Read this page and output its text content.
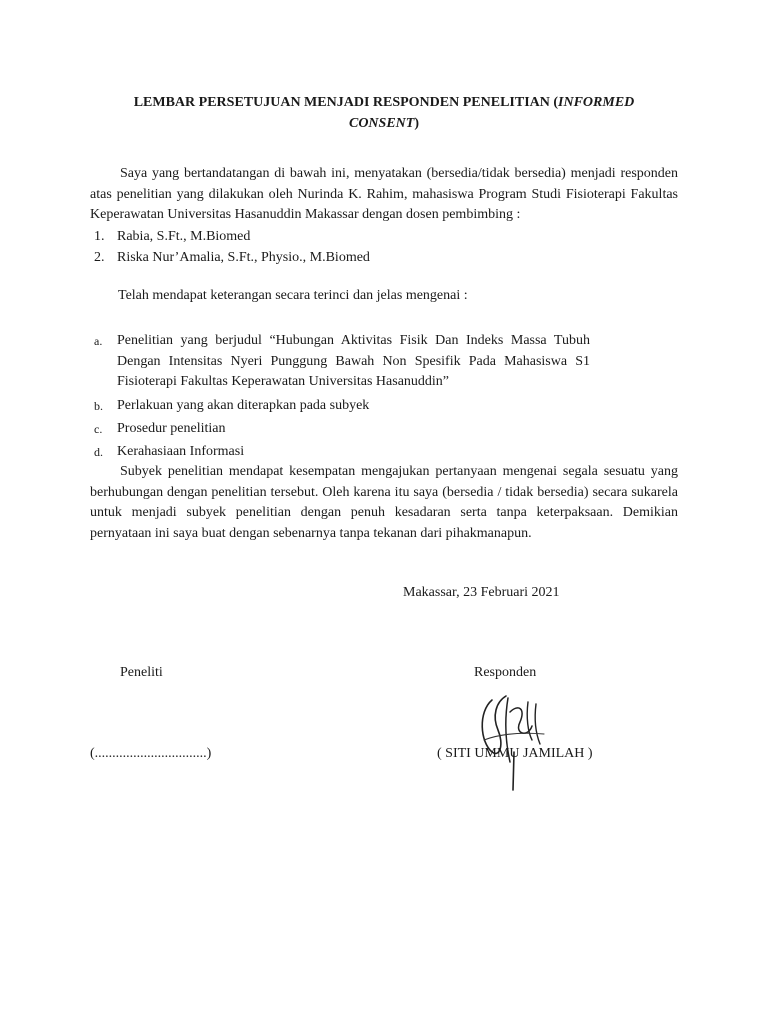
LEMBAR PERSETUJUAN MENJADI RESPONDEN PENELITIAN (INFORMED CONSENT)

Saya yang bertandatangan di bawah ini, menyatakan (bersedia/tidak bersedia) menjadi responden atas penelitian yang dilakukan oleh Nurinda K. Rahim, mahasiswa Program Studi Fisioterapi Fakultas Keperawatan Universitas Hasanuddin Makassar dengan dosen pembimbing :

1. Rabia, S.Ft., M.Biomed
2. Riska Nur’Amalia, S.Ft., Physio., M.Biomed
Telah mendapat keterangan secara terinci dan jelas mengenai :
a. Penelitian yang berjudul “Hubungan Aktivitas Fisik Dan Indeks Massa Tubuh Dengan Intensitas Nyeri Punggung Bawah Non Spesifik Pada Mahasiswa S1 Fisioterapi Fakultas Keperawatan Universitas Hasanuddin”
b. Perlakuan yang akan diterapkan pada subyek
c. Prosedur penelitian
d. Kerahasiaan Informasi

Subyek penelitian mendapat kesempatan mengajukan pertanyaan mengenai segala sesuatu yang berhubungan dengan penelitian tersebut. Oleh karena itu saya (bersedia / tidak bersedia) secara sukarela untuk menjadi subyek penelitian dengan penuh kesadaran serta tanpa keterpaksaan. Demikian pernyataan ini saya buat dengan sebenarnya tanpa tekanan dari pihakmanapun.

Makassar, 23 Februari 2021
Peneliti	Responden
(................................)	( SITI UMMU JAMILAH )
